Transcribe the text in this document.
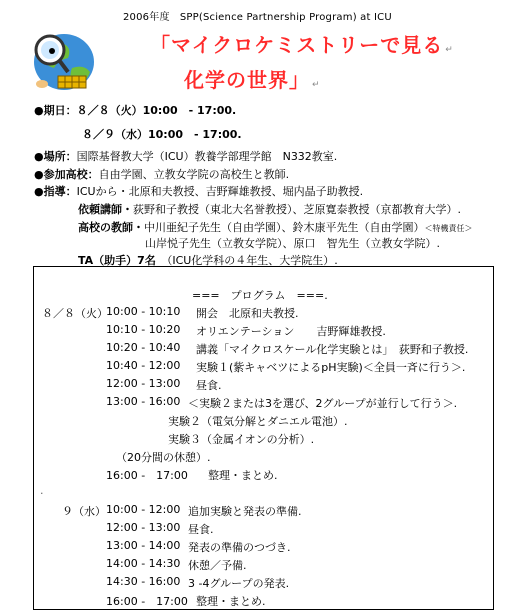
2006年度　SPP(Science Partnership Program) at ICU
「マイクロケミストリーで見る ↵
化学の世界」 ↵
●期日：８／８（火）10:00　- 17:00.
８／９（水）10:00　- 17:00.
●場所：国際基督教大学（ICU）教養学部理学館　N332教室.
●参加高校：自由学園、立教女学院の高校生と教師.
●指導：ICUから・北原和夫教授、吉野輝雄教授、堀内晶子助教授.
依頼講師・荻野和子教授（東北大名誉教授）、芝原寛泰教授（京都教育大学）.
高校の教師・中川亜紀子先生（自由学園）、鈴木康平先生（自由学園）＜特機責任＞
山岸悦子先生（立教女学院）、原口　智先生（立教女学院）.
TA（助手）7名　 （ICU化学科の４年生、大学院生）.
===　プログラム　===.
８／８（火）
10:00 - 10:10 開会　北原和夫教授.
10:10 - 10:20 オリエンテーション　　吉野輝雄教授.
10:20 - 10:40 講義「マイクロスケール化学実験とは」　荻野和子教授.
10:40 - 12:00 実験１(紫キャベツによるpH実験)＜全員一斉に行う＞.
12:00 - 13:00 昼食.
13:00 - 16:00 ＜実験２または3を選び、2グループが並行して行う＞.
実験２（電気分解とダニエル電池）.
実験３（金属イオンの分析）.
（20分間の休憩）.
16:00 -　17:00 整理・まとめ.
.
９（水） 10:00 - 12:00 追加実験と発表の準備.
12:00 - 13:00 昼食.
13:00 - 14:00 発表の準備のつづき.
14:00 - 14:30 休憩／予備.
14:30 - 16:00 3 -4グループの発表.
16:00 -　17:00 整理・まとめ.
